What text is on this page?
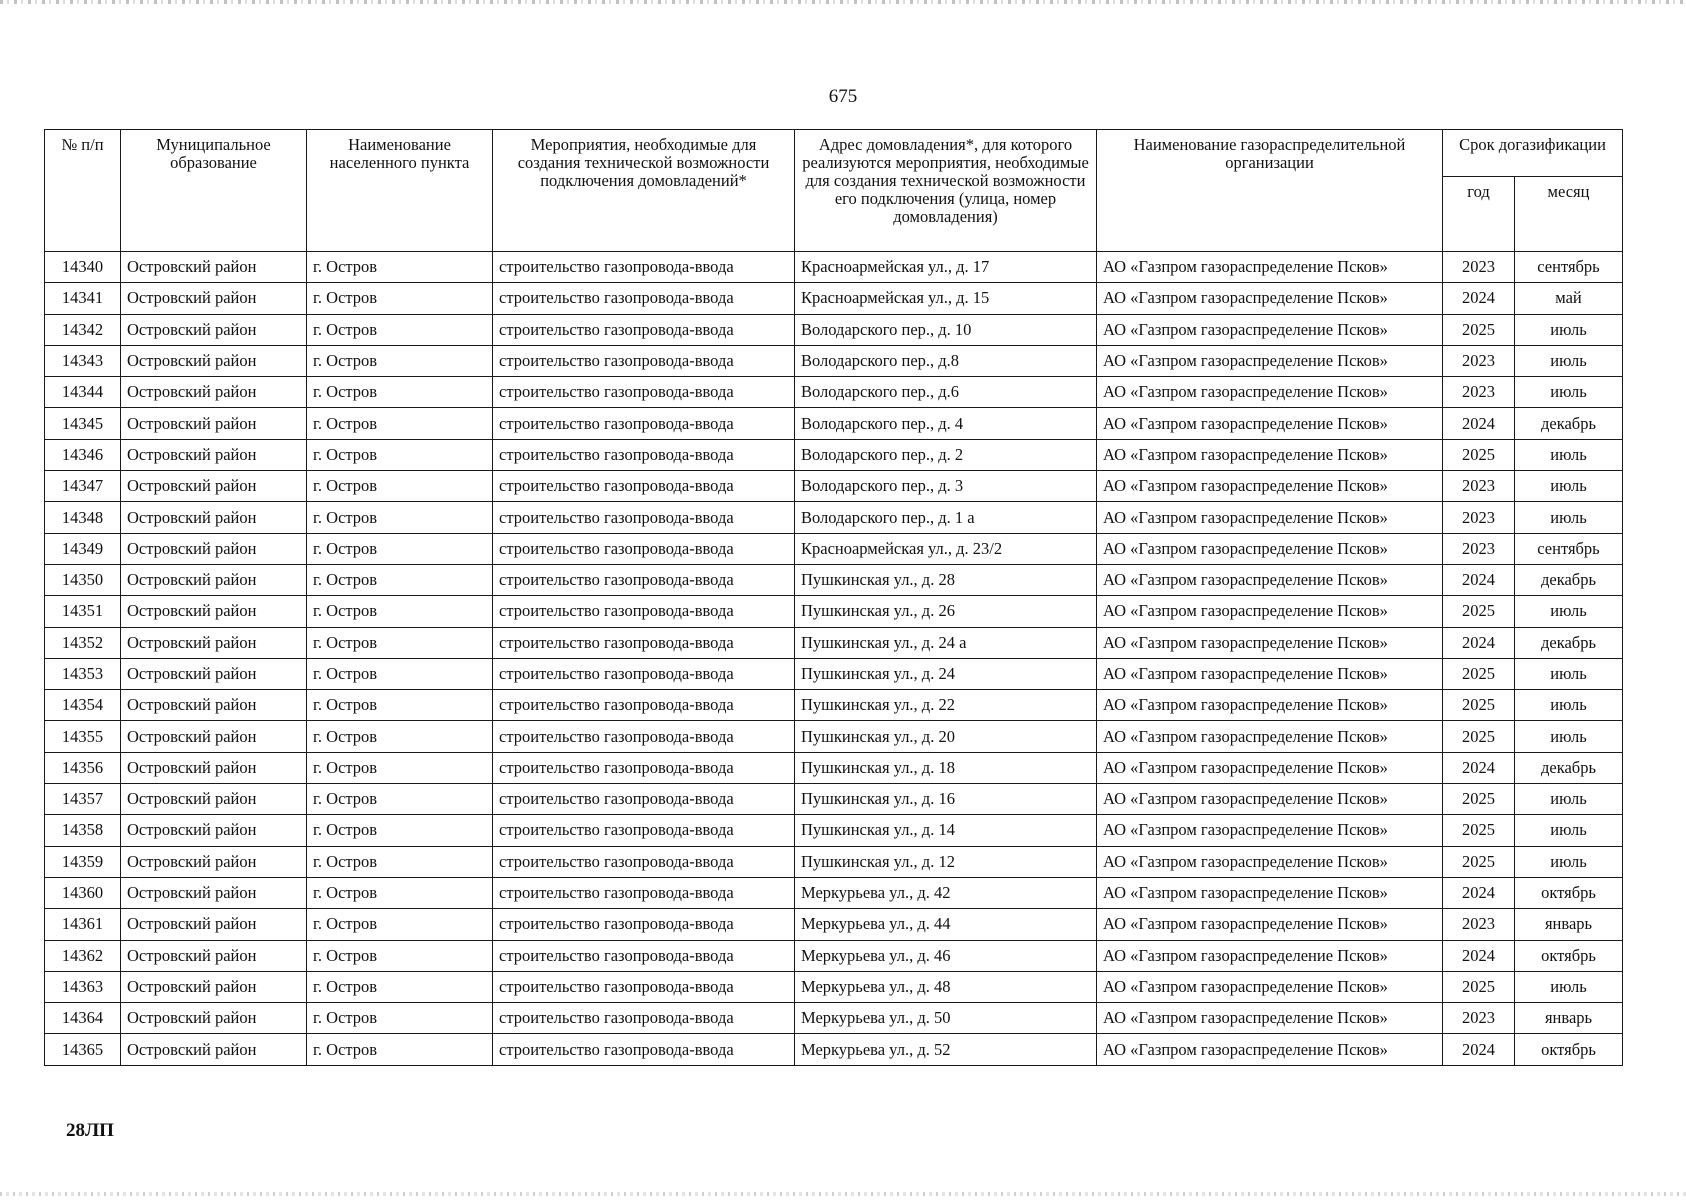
675
№ п/п	Муниципальное образование	Наименование населенного пункта	Мероприятия, необходимые для создания технической возможности подключения домовладений*	Адрес домовладения*, для которого реализуются мероприятия, необходимые для создания технической возможности его подключения (улица, номер домовладения)	Наименование газораспределительной организации	Срок догазификации	
						год	месяц
14340	Островский район	г. Остров	строительство газопровода-ввода	Красноармейская ул., д. 17	АО «Газпром газораспределение Псков»	2023	сентябрь
14341	Островский район	г. Остров	строительство газопровода-ввода	Красноармейская ул., д. 15	АО «Газпром газораспределение Псков»	2024	май
14342	Островский район	г. Остров	строительство газопровода-ввода	Володарского пер., д. 10	АО «Газпром газораспределение Псков»	2025	июль
14343	Островский район	г. Остров	строительство газопровода-ввода	Володарского пер., д.8	АО «Газпром газораспределение Псков»	2023	июль
14344	Островский район	г. Остров	строительство газопровода-ввода	Володарского пер., д.6	АО «Газпром газораспределение Псков»	2023	июль
14345	Островский район	г. Остров	строительство газопровода-ввода	Володарского пер., д. 4	АО «Газпром газораспределение Псков»	2024	декабрь
14346	Островский район	г. Остров	строительство газопровода-ввода	Володарского пер., д. 2	АО «Газпром газораспределение Псков»	2025	июль
14347	Островский район	г. Остров	строительство газопровода-ввода	Володарского пер., д. 3	АО «Газпром газораспределение Псков»	2023	июль
14348	Островский район	г. Остров	строительство газопровода-ввода	Володарского пер., д. 1 а	АО «Газпром газораспределение Псков»	2023	июль
14349	Островский район	г. Остров	строительство газопровода-ввода	Красноармейская ул., д. 23/2	АО «Газпром газораспределение Псков»	2023	сентябрь
14350	Островский район	г. Остров	строительство газопровода-ввода	Пушкинская ул., д. 28	АО «Газпром газораспределение Псков»	2024	декабрь
14351	Островский район	г. Остров	строительство газопровода-ввода	Пушкинская ул., д. 26	АО «Газпром газораспределение Псков»	2025	июль
14352	Островский район	г. Остров	строительство газопровода-ввода	Пушкинская ул., д. 24 а	АО «Газпром газораспределение Псков»	2024	декабрь
14353	Островский район	г. Остров	строительство газопровода-ввода	Пушкинская ул., д. 24	АО «Газпром газораспределение Псков»	2025	июль
14354	Островский район	г. Остров	строительство газопровода-ввода	Пушкинская ул., д. 22	АО «Газпром газораспределение Псков»	2025	июль
14355	Островский район	г. Остров	строительство газопровода-ввода	Пушкинская ул., д. 20	АО «Газпром газораспределение Псков»	2025	июль
14356	Островский район	г. Остров	строительство газопровода-ввода	Пушкинская ул., д. 18	АО «Газпром газораспределение Псков»	2024	декабрь
14357	Островский район	г. Остров	строительство газопровода-ввода	Пушкинская ул., д. 16	АО «Газпром газораспределение Псков»	2025	июль
14358	Островский район	г. Остров	строительство газопровода-ввода	Пушкинская ул., д. 14	АО «Газпром газораспределение Псков»	2025	июль
14359	Островский район	г. Остров	строительство газопровода-ввода	Пушкинская ул., д. 12	АО «Газпром газораспределение Псков»	2025	июль
14360	Островский район	г. Остров	строительство газопровода-ввода	Меркурьева ул., д. 42	АО «Газпром газораспределение Псков»	2024	октябрь
14361	Островский район	г. Остров	строительство газопровода-ввода	Меркурьева ул., д. 44	АО «Газпром газораспределение Псков»	2023	январь
14362	Островский район	г. Остров	строительство газопровода-ввода	Меркурьева ул., д. 46	АО «Газпром газораспределение Псков»	2024	октябрь
14363	Островский район	г. Остров	строительство газопровода-ввода	Меркурьева ул., д. 48	АО «Газпром газораспределение Псков»	2025	июль
14364	Островский район	г. Остров	строительство газопровода-ввода	Меркурьева ул., д. 50	АО «Газпром газораспределение Псков»	2023	январь
14365	Островский район	г. Остров	строительство газопровода-ввода	Меркурьева ул., д. 52	АО «Газпром газораспределение Псков»	2024	октябрь
28ЛП
